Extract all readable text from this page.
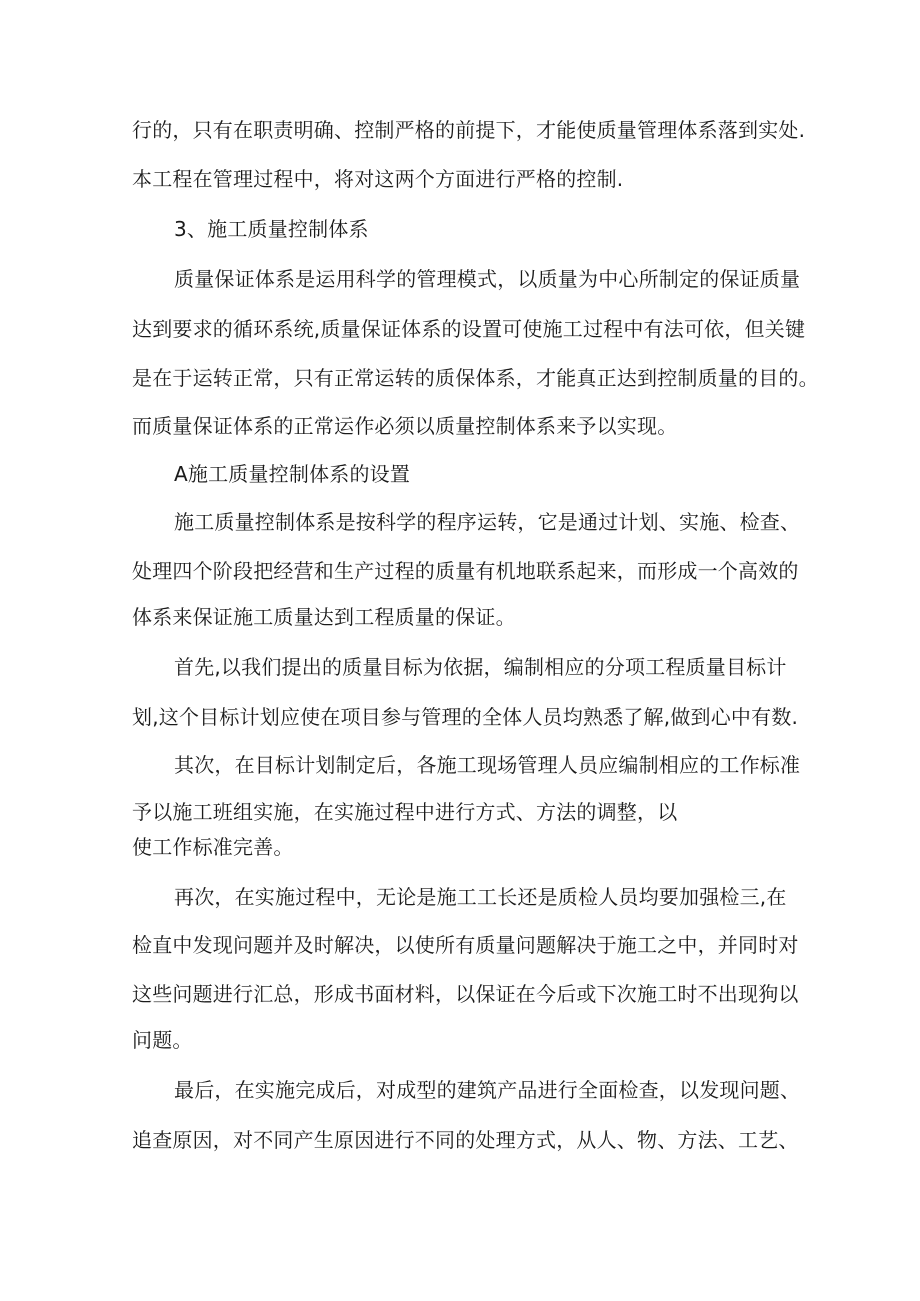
行的，只有在职责明确、控制严格的前提下，才能使质量管理体系落到实处.
本工程在管理过程中，将对这两个方面进行严格的控制.
3、施工质量控制体系
质量保证体系是运用科学的管理模式，以质量为中心所制定的保证质量
达到要求的循环系统,质量保证体系的设置可使施工过程中有法可依，但关键
是在于运转正常，只有正常运转的质保体系，才能真正达到控制质量的目的。
而质量保证体系的正常运作必须以质量控制体系来予以实现。
A施工质量控制体系的设置
施工质量控制体系是按科学的程序运转，它是通过计划、实施、检查、
处理四个阶段把经营和生产过程的质量有机地联系起来，而形成一个高效的
体系来保证施工质量达到工程质量的保证。
首先,以我们提出的质量目标为依据，编制相应的分项工程质量目标计
划,这个目标计划应使在项目参与管理的全体人员均熟悉了解,做到心中有数.
其次，在目标计划制定后，各施工现场管理人员应编制相应的工作标准
予以施工班组实施，在实施过程中进行方式、方法的调整，以
使工作标准完善。
再次，在实施过程中，无论是施工工长还是质检人员均要加强检三,在
检直中发现问题并及时解决，以使所有质量问题解决于施工之中，并同时对
这些问题进行汇总，形成书面材料，以保证在今后或下次施工时不出现狗以
问题。
最后，在实施完成后，对成型的建筑产品进行全面检查，以发现问题、
追查原因，对不同产生原因进行不同的处理方式，从人、物、方法、工艺、
